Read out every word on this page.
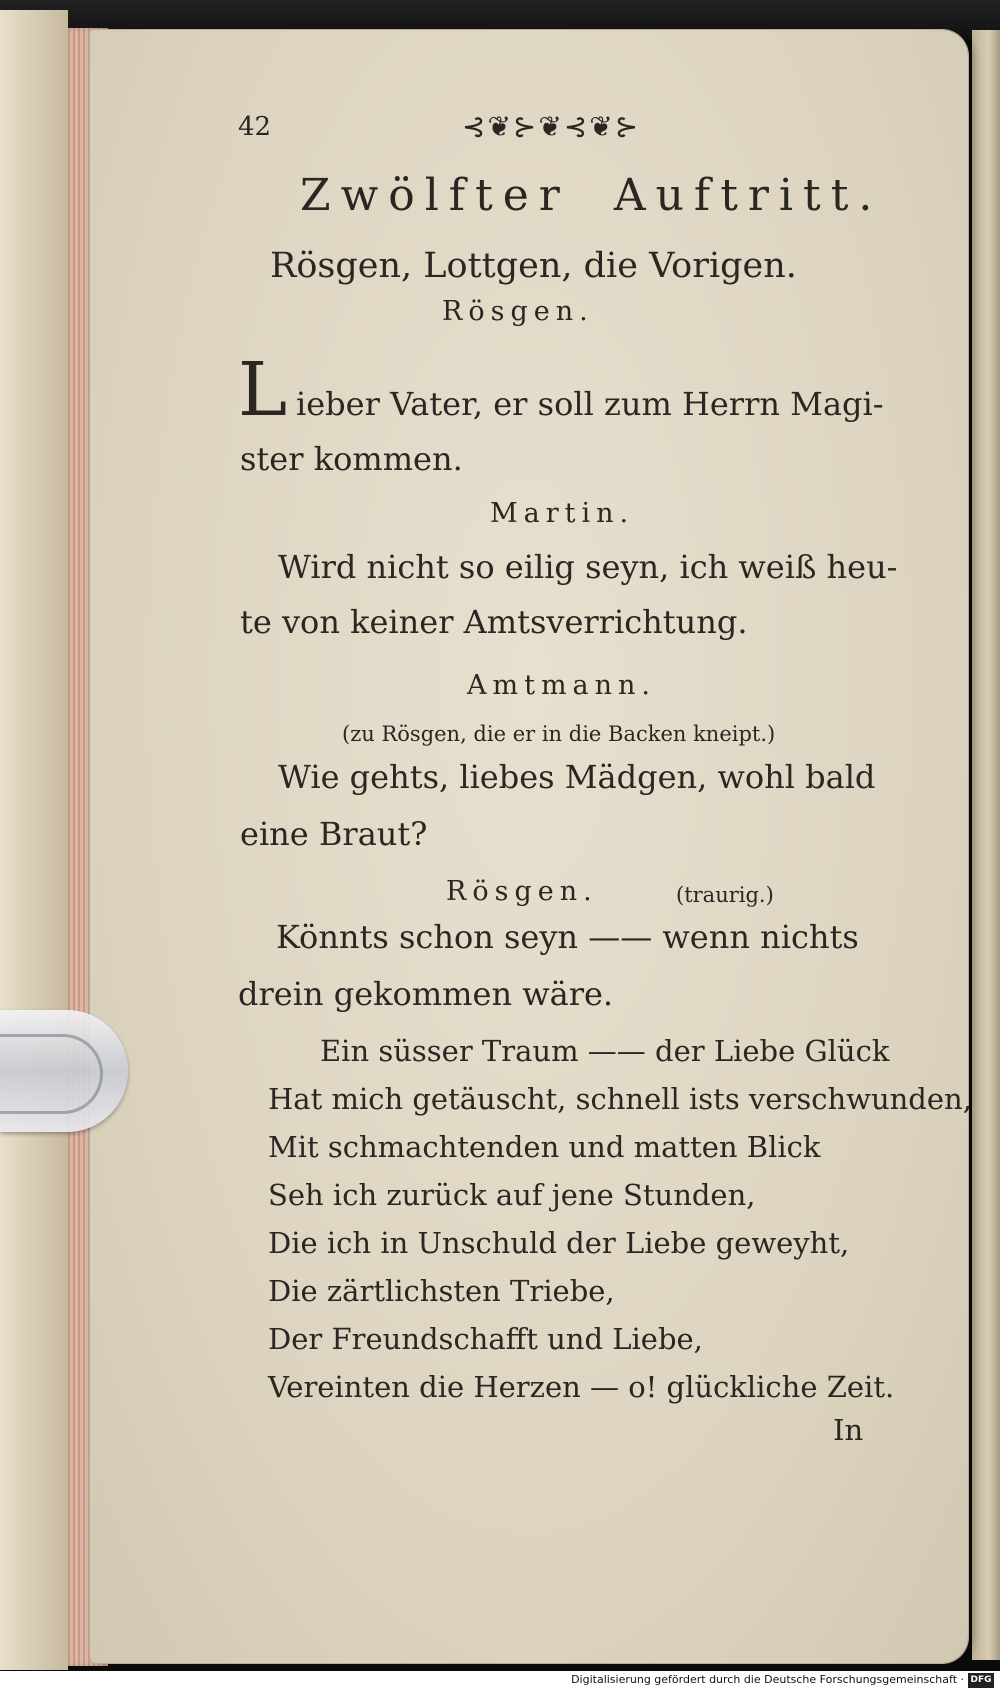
42	⊰❦⊱❦⊰❦⊱
Zwölfter Auftritt.
Rösgen, Lottgen, die Vorigen.
Rösgen.
L ieber Vater, er soll zum Herrn Magi-
ster kommen.
Martin.
Wird nicht so eilig seyn, ich weiß heu-
te von keiner Amtsverrichtung.
Amtmann.
(zu Rösgen, die er in die Backen kneipt.)
Wie gehts, liebes Mädgen, wohl bald
eine Braut?
Rösgen.	(traurig.)
Könnts schon seyn —— wenn nichts
drein gekommen wäre.
Ein süsser Traum —— der Liebe Glück
Hat mich getäuscht, schnell ists verschwunden,
Mit schmachtenden und matten Blick
Seh ich zurück auf jene Stunden,
Die ich in Unschuld der Liebe geweyht,
Die zärtlichsten Triebe,
Der Freundschafft und Liebe,
Vereinten die Herzen — o! glückliche Zeit.
In
Digitalisierung gefördert durch die Deutsche Forschungsgemeinschaft · DFG
